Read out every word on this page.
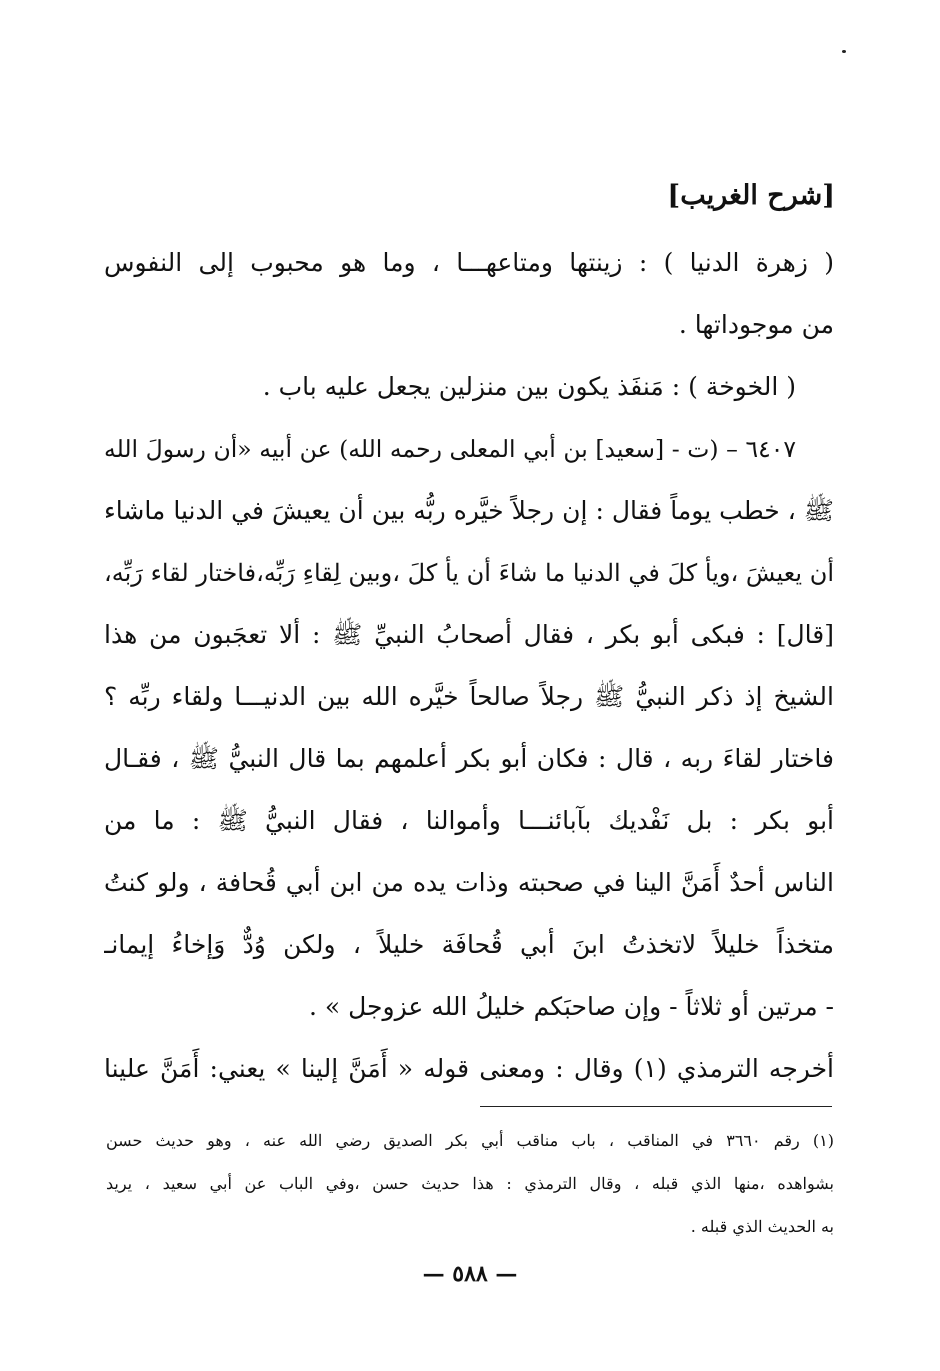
[شرح الغريب]
( زهرة الدنيا ) : زينتها ومتاعهـــا ، وما هو محبوب إلى النفوس
من موجوداتها .
( الخوخة ) : مَنفَذ يكون بين منزلين يجعل عليه باب .
٦٤٠٧ – (ت - [سعيد] بن أبي المعلى رحمه الله) عن أبيه «أن رسولَ الله
ﷺ ، خطب يوماً فقال : إن رجلاً خيَّره ربُّه بين أن يعيشَ في الدنيا ماشاء
أن يعيشَ ،ويأ كلَ في الدنيا ما شاءَ أن يأ كلَ ،وبين لِقاءِ رَبِّه،فاختار لقاء رَبِّه،
[قال] : فبكى أبو بكر ، فقال أصحابُ النبيِّ ﷺ : ألا تعجَبون من هذا
الشيخ إذ ذكر النبيُّ ﷺ رجلاً صالحاً خيَّره الله بين الدنيـــا ولقاء ربِّه ؟
فاختار لقاءَ ربه ، قال : فكان أبو بكر أعلمهم بما قال النبيُّ ﷺ ، فقـال
أبو بكر : بل نَفْديك بآبائنـــا وأموالنا ، فقال النبيُّ ﷺ : ما من
الناس أحدٌ أَمَنَّ الينا في صحبته وذات يده من ابن أبي قُحافة ، ولو كنتُ
متخذاً خليلاً لاتخذتُ ابنَ أبي قُحافَة خليلاً ، ولكن وُدٌّ وَإخاءُ إيمانـ
- مرتين أو ثلاثاً - وإن صاحبَكم خليلُ الله عزوجل » .
أخرجه الترمذي (١) وقال : ومعنى قوله « أَمَنَّ إلينا » يعني: أَمَنَّ علينا
(١) رقم ٣٦٦٠ في المناقب ، باب مناقب أبي بكر الصديق رضي الله عنه ، وهو حديث حسن
بشواهده ،منها الذي قبله ، وقال الترمذي : هذا حديث حسن ،وفي الباب عن أبي سعيد ، يريد
به الحديث الذي قبله .
— ٥٨٨ —
